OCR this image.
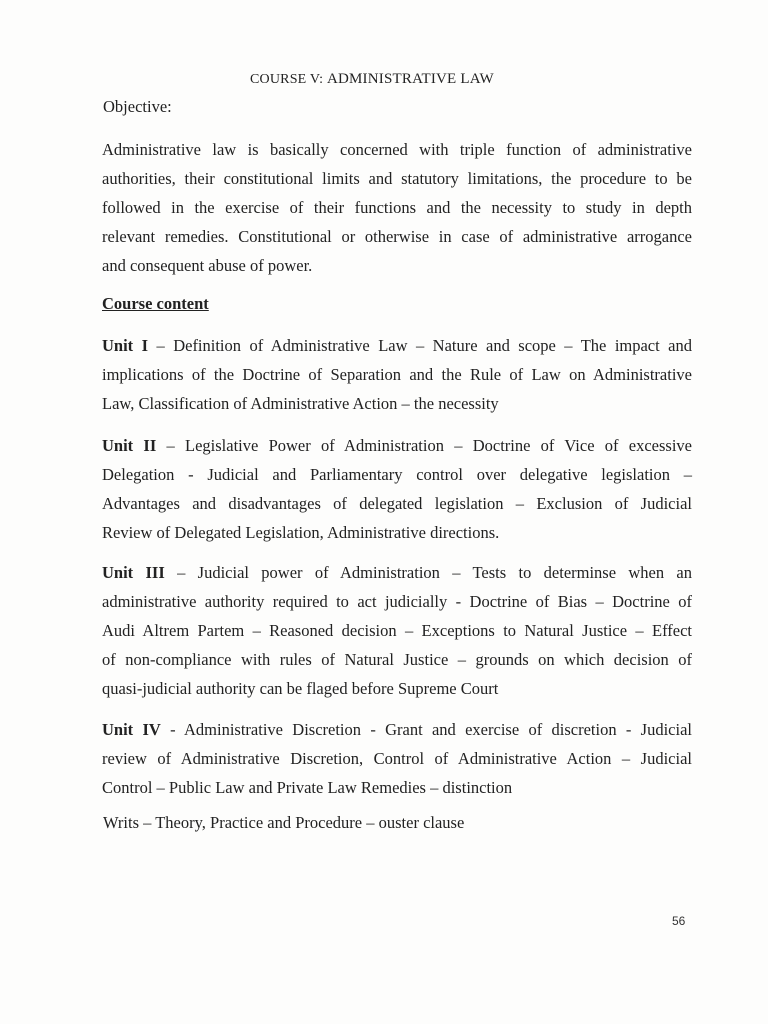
COURSE V: ADMINISTRATIVE LAW
Objective:
Administrative law is basically concerned with triple function of administrative
authorities, their constitutional limits and statutory limitations, the procedure to be
followed in the exercise of their functions and the necessity to study in depth
relevant remedies. Constitutional or otherwise in case of administrative arrogance
and consequent abuse of power.
Course content
Unit I – Definition of Administrative Law – Nature and scope – The impact and
implications of the Doctrine of Separation and the Rule of Law on Administrative
Law, Classification of Administrative Action – the necessity
Unit II – Legislative Power of Administration – Doctrine of Vice of excessive
Delegation - Judicial and Parliamentary control over delegative legislation –
Advantages and disadvantages of delegated legislation – Exclusion of Judicial
Review of Delegated Legislation, Administrative directions.
Unit III – Judicial power of Administration – Tests to determinse when an
administrative authority required to act judicially - Doctrine of Bias – Doctrine of
Audi Altrem Partem – Reasoned decision – Exceptions to Natural Justice – Effect
of non-compliance with rules of Natural Justice – grounds on which decision of
quasi-judicial authority can be flaged before Supreme Court
Unit IV - Administrative Discretion - Grant and exercise of discretion - Judicial
review of Administrative Discretion, Control of Administrative Action – Judicial
Control – Public Law and Private Law Remedies – distinction
Writs – Theory, Practice and Procedure – ouster clause
56
